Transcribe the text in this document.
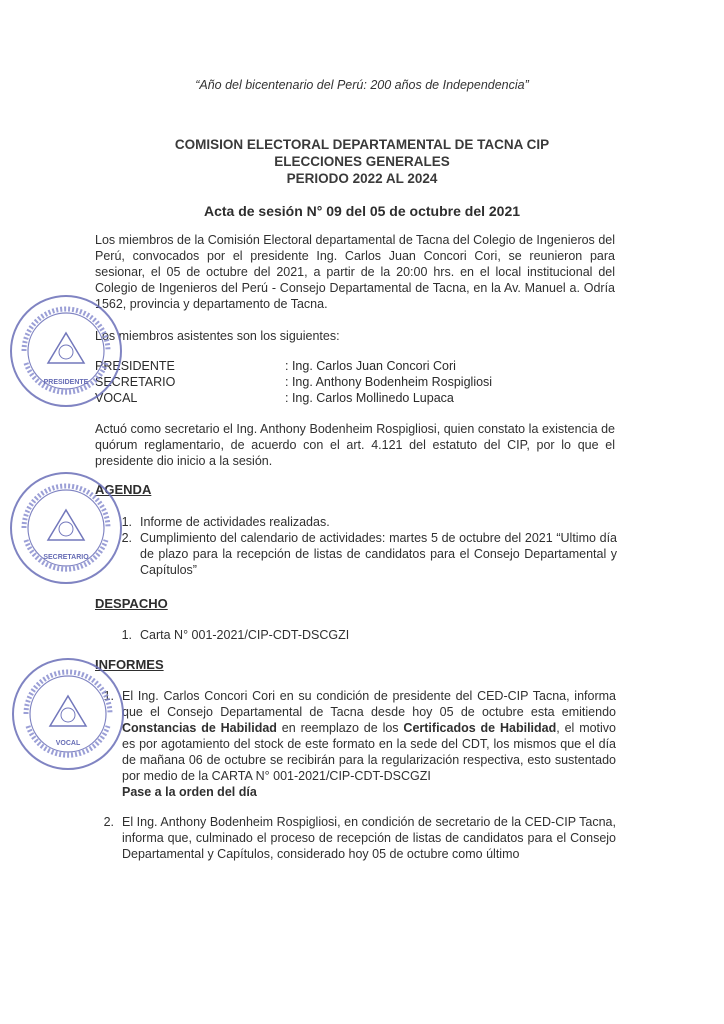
“Año del bicentenario del Perú: 200 años de Independencia”
COMISION ELECTORAL DEPARTAMENTAL DE TACNA CIP
ELECCIONES GENERALES
PERIODO 2022 AL 2024
Acta de sesión N° 09 del 05 de octubre del 2021
Los miembros de la Comisión Electoral departamental de Tacna del Colegio de Ingenieros del Perú, convocados por el presidente Ing. Carlos Juan Concori Cori, se reunieron para sesionar, el 05 de octubre del 2021, a partir de la 20:00 hrs. en el local institucional del Colegio de Ingenieros del Perú - Consejo Departamental de Tacna, en la Av. Manuel a. Odría 1562, provincia y departamento de Tacna.
Los miembros asistentes son los siguientes:
PRESIDENTE	: Ing. Carlos Juan Concori Cori
SECRETARIO	: Ing. Anthony Bodenheim Rospigliosi
VOCAL	: Ing. Carlos Mollinedo Lupaca
Actuó como secretario el Ing. Anthony Bodenheim Rospigliosi, quien constato la existencia de quórum reglamentario, de acuerdo con el art. 4.121 del estatuto del CIP, por lo que el presidente dio inicio a la sesión.
AGENDA
1. Informe de actividades realizadas.
2. Cumplimiento del calendario de actividades: martes 5 de octubre del 2021 “Ultimo día de plazo para la recepción de listas de candidatos para el Consejo Departamental y Capítulos”
DESPACHO
1. Carta N° 001-2021/CIP-CDT-DSCGZI
INFORMES
1. El Ing. Carlos Concori Cori en su condición de presidente del CED-CIP Tacna, informa que el Consejo Departamental de Tacna desde hoy 05 de octubre esta emitiendo Constancias de Habilidad en reemplazo de los Certificados de Habilidad, el motivo es por agotamiento del stock de este formato en la sede del CDT, los mismos que el día de mañana 06 de octubre se recibirán para la regularización respectiva, esto sustentado por medio de la CARTA N° 001-2021/CIP-CDT-DSCGZI
Pase a la orden del día
2. El Ing. Anthony Bodenheim Rospigliosi, en condición de secretario de la CED-CIP Tacna, informa que, culminado el proceso de recepción de listas de candidatos para el Consejo Departamental y Capítulos, considerado hoy 05 de octubre como último
PRESIDENTE
SECRETARIO
VOCAL
